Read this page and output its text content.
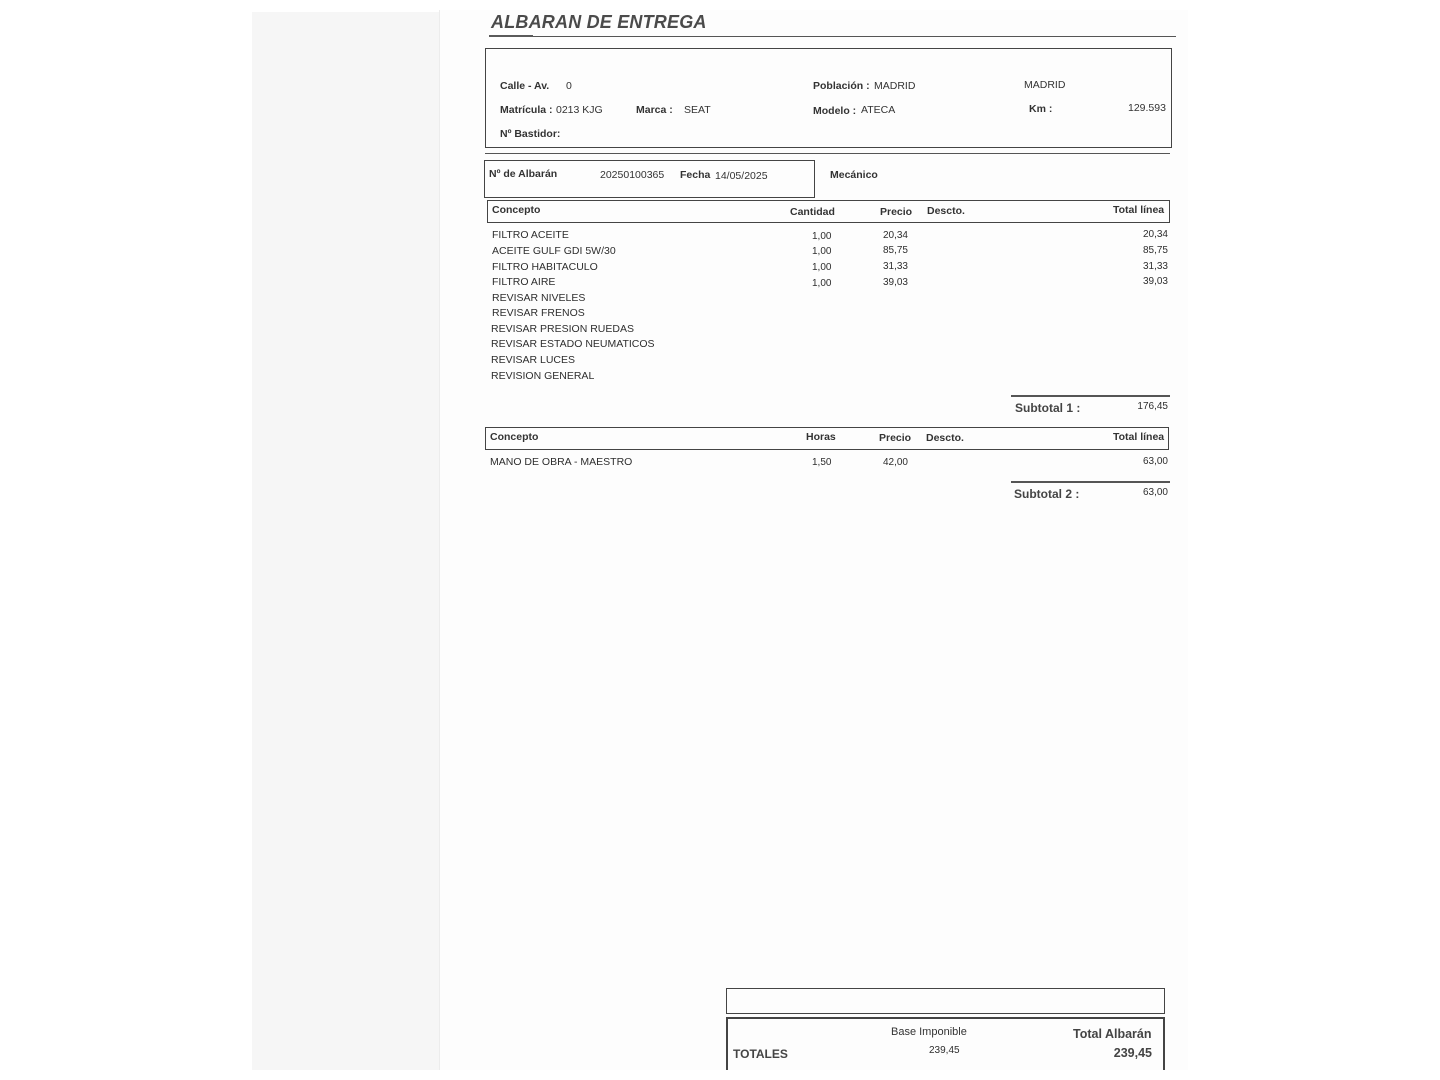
ALBARAN DE ENTREGA
Calle - Av. 0	Población : MADRID	MADRID
Matrícula : 0213 KJG	Marca : SEAT	Modelo : ATECA	Km :	129.593
Nº Bastidor:
Nº de Albarán	20250100365 Fecha 14/05/2025	Mecánico
Concepto	Cantidad	Precio Descto.	Total línea
FILTRO ACEITE	1,00	20,34	20,34
ACEITE GULF GDI 5W/30	1,00	85,75	85,75
FILTRO HABITACULO	1,00	31,33	31,33
FILTRO AIRE	1,00	39,03	39,03
REVISAR NIVELES
REVISAR FRENOS
REVISAR PRESION RUEDAS
REVISAR ESTADO NEUMATICOS
REVISAR LUCES
REVISION GENERAL
Subtotal 1 :	176,45
Concepto	Horas	Precio Descto.	Total línea
MANO DE OBRA - MAESTRO	1,50	42,00	63,00
Subtotal 2 :	63,00
TOTALES
Base Imponible
239,45
Total Albarán
239,45
